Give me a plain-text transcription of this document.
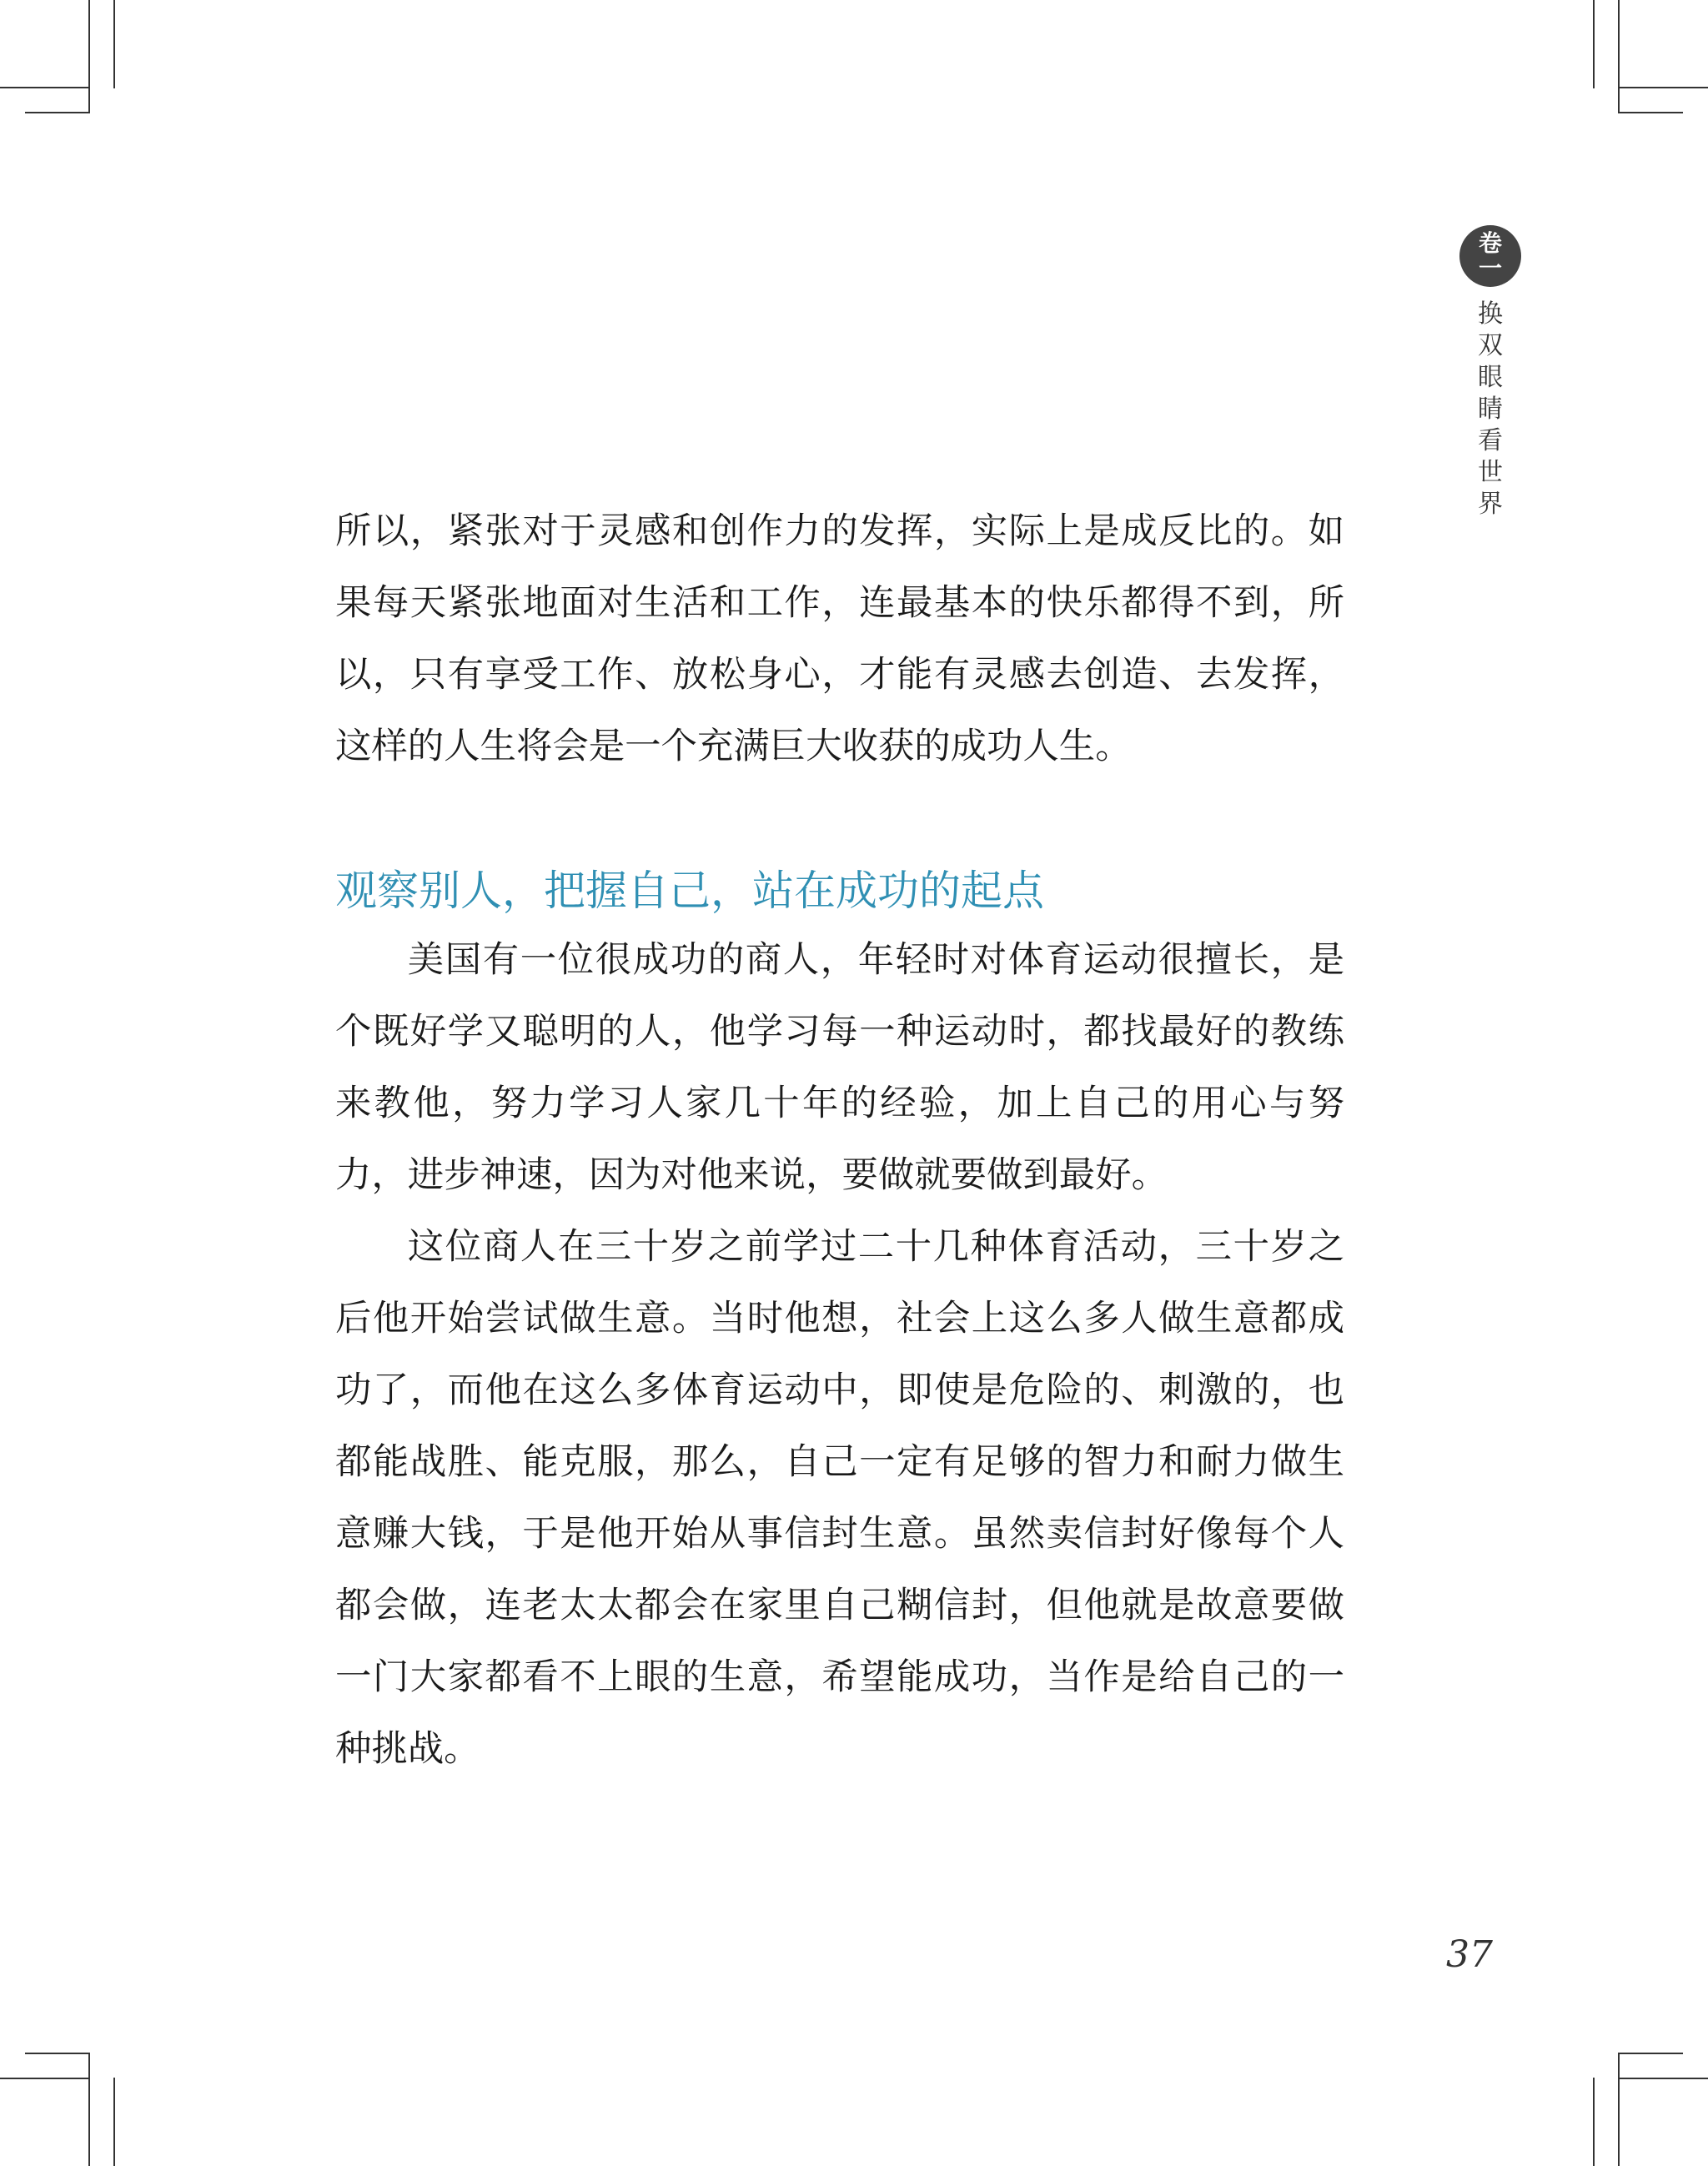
卷
一
换双眼睛看世界

所以，紧张对于灵感和创作力的发挥，实际上是成反比的。如果每天紧张地面对生活和工作，连最基本的快乐都得不到，所以，只有享受工作、放松身心，才能有灵感去创造、去发挥，这样的人生将会是一个充满巨大收获的成功人生。

观察别人，把握自己，站在成功的起点

美国有一位很成功的商人，年轻时对体育运动很擅长，是个既好学又聪明的人，他学习每一种运动时，都找最好的教练来教他，努力学习人家几十年的经验，加上自己的用心与努力，进步神速，因为对他来说，要做就要做到最好。

这位商人在三十岁之前学过二十几种体育活动，三十岁之后他开始尝试做生意。当时他想，社会上这么多人做生意都成功了，而他在这么多体育运动中，即使是危险的、刺激的，也都能战胜、能克服，那么，自己一定有足够的智力和耐力做生意赚大钱，于是他开始从事信封生意。虽然卖信封好像每个人都会做，连老太太都会在家里自己糊信封，但他就是故意要做一门大家都看不上眼的生意，希望能成功，当作是给自己的一种挑战。

37
